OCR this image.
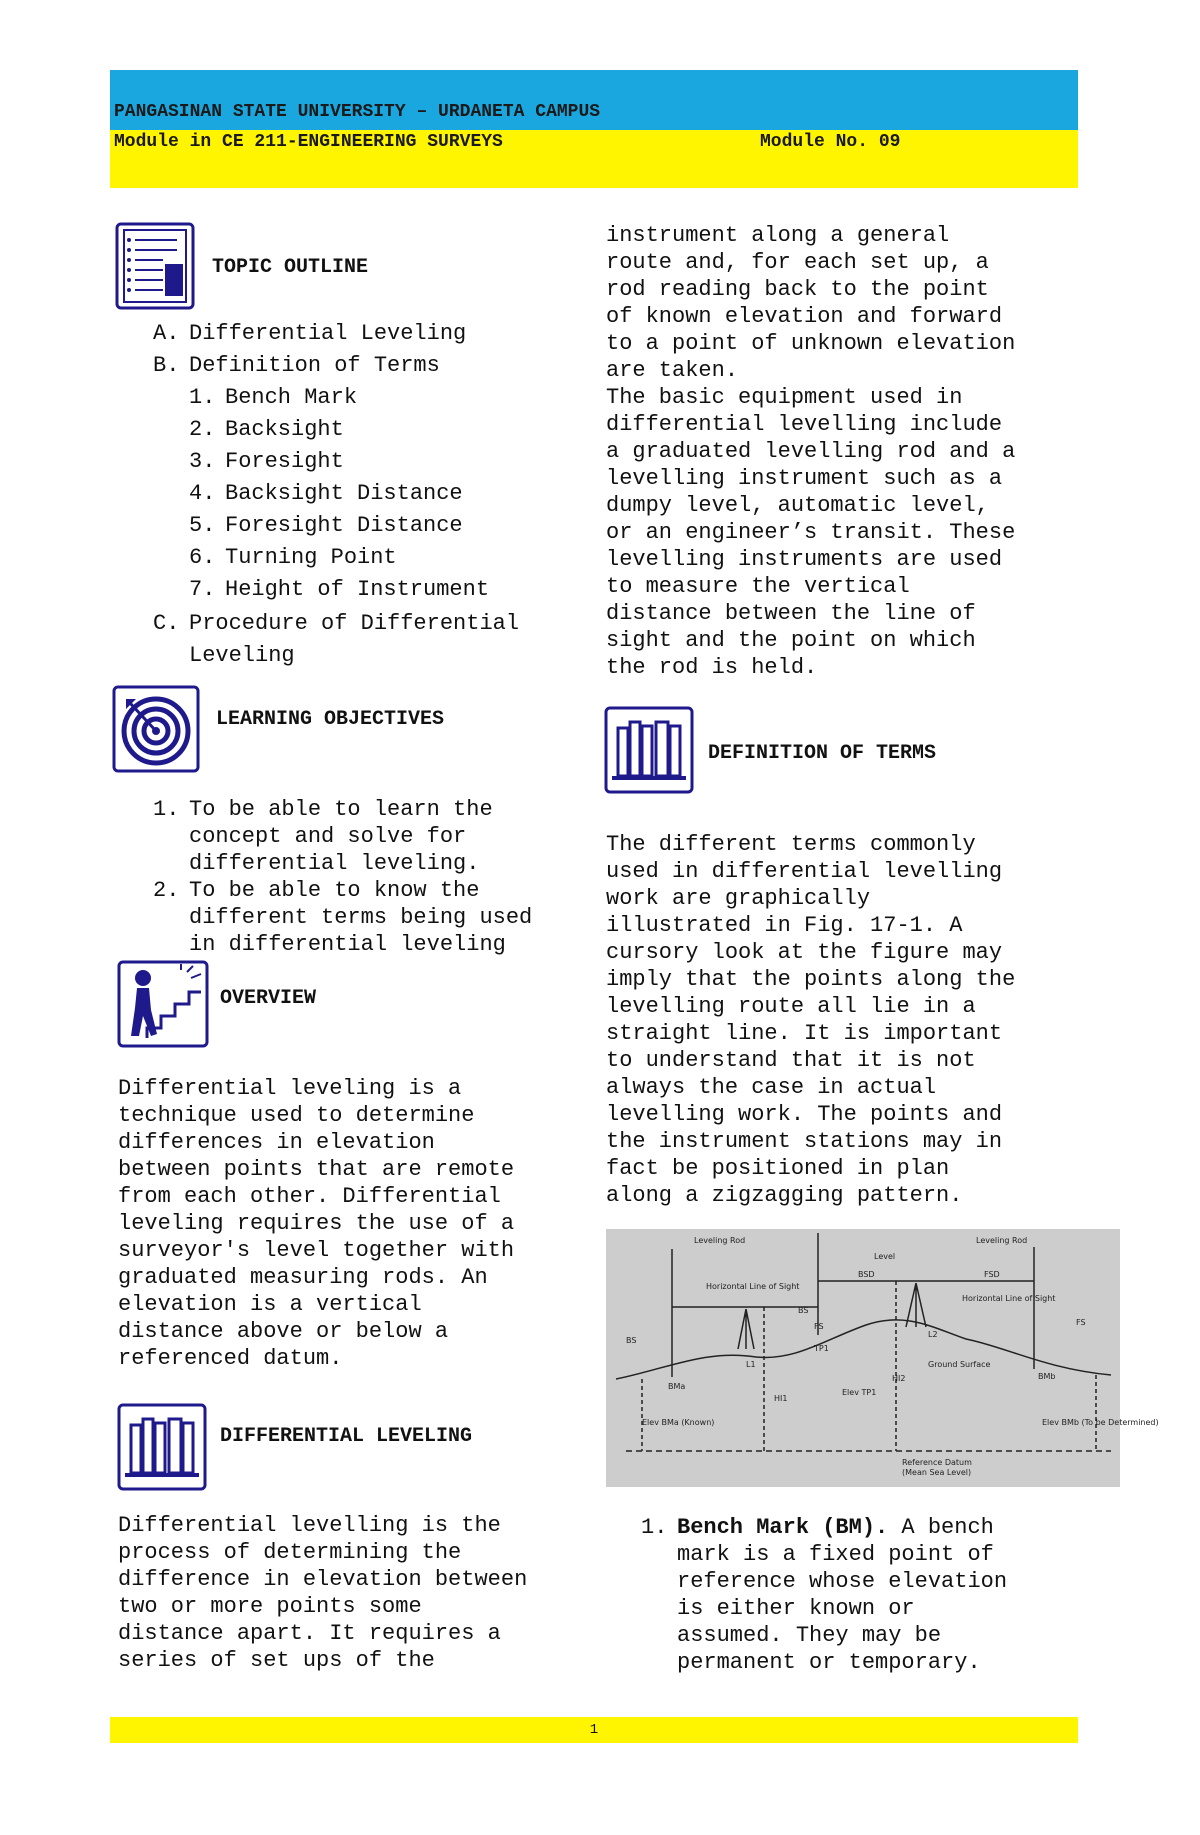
PANGASINAN STATE UNIVERSITY – URDANETA CAMPUS
Module in CE 211-ENGINEERING SURVEYS	Module No. 09
TOPIC OUTLINE
A. Differential Leveling
B. Definition of Terms
1. Bench Mark
2. Backsight
3. Foresight
4. Backsight Distance
5. Foresight Distance
6. Turning Point
7. Height of Instrument
C. Procedure of Differential
Leveling
LEARNING OBJECTIVES
1. To be able to learn the
concept and solve for
differential leveling.
2. To be able to know the
different terms being used
in differential leveling
OVERVIEW
Differential leveling is a
technique used to determine
differences in elevation
between points that are remote
from each other. Differential
leveling requires the use of a
surveyor's level together with
graduated measuring rods. An
elevation is a vertical
distance above or below a
referenced datum.
DIFFERENTIAL LEVELING
Differential levelling is the
process of determining the
difference in elevation between
two or more points some
distance apart. It requires a
series of set ups of the
instrument along a general
route and, for each set up, a
rod reading back to the point
of known elevation and forward
to a point of unknown elevation
are taken.
The basic equipment used in
differential levelling include
a graduated levelling rod and a
levelling instrument such as a
dumpy level, automatic level,
or an engineer’s transit. These
levelling instruments are used
to measure the vertical
distance between the line of
sight and the point on which
the rod is held.
DEFINITION OF TERMS
The different terms commonly
used in differential levelling
work are graphically
illustrated in Fig. 17-1. A
cursory look at the figure may
imply that the points along the
levelling route all lie in a
straight line. It is important
to understand that it is not
always the case in actual
levelling work. The points and
the instrument stations may in
fact be positioned in plan
along a zigzagging pattern.
Leveling Rod
Level
Leveling Rod
Horizontal Line of Sight
Horizontal Line of Sight
BSD	FSD
BS
BS
FS	FS
L1
L2
TP1
Ground Surface
BMa
BMb
HI1
HI2
Elev TP1
Elev BMa (Known)	Elev BMb (To be Determined)
Reference Datum
(Mean Sea Level)
1. Bench Mark (BM). A bench
mark is a fixed point of
reference whose elevation
is either known or
assumed. They may be
permanent or temporary.
1
